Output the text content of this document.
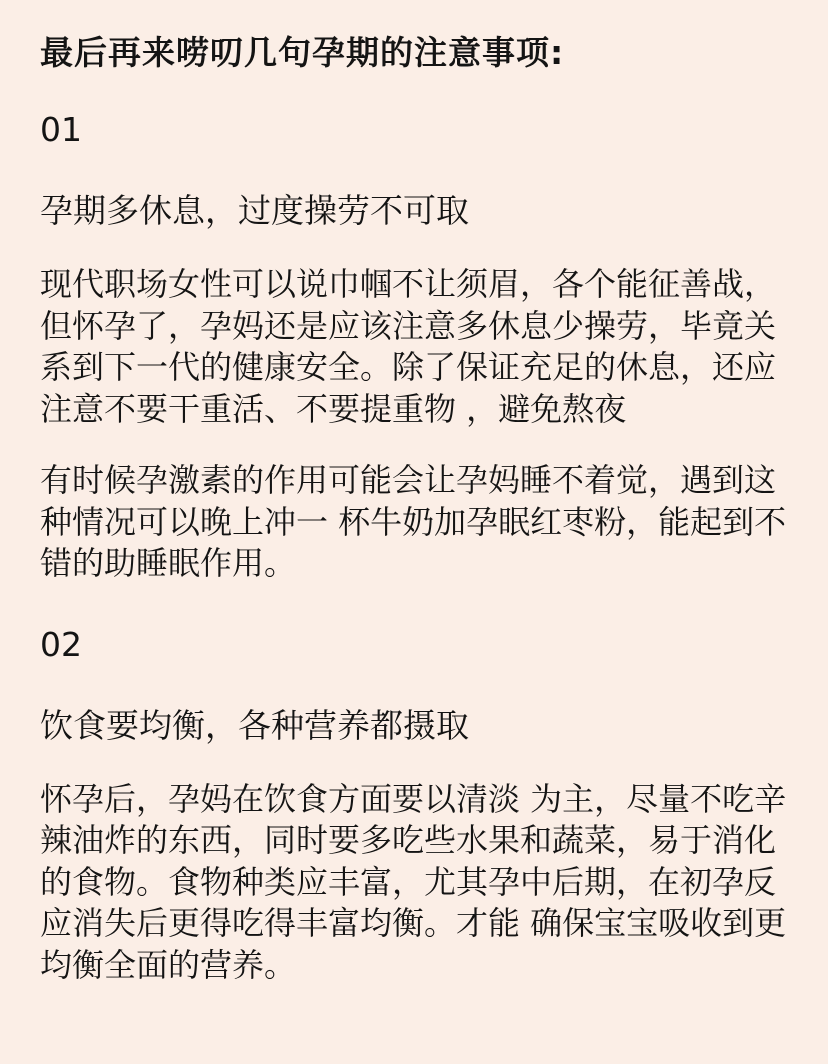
最后再来唠叨几句孕期的注意事项:
01
孕期多休息，过度操劳不可取

现代职场女性可以说巾帼不让须眉，各个能征善战，但怀孕了，孕妈还是应该注意多休息少操劳，毕竟关系到下一代的健康安全。除了保证充足的休息，还应注意不要干重活、不要提重物 ，避免熬夜

有时候孕激素的作用可能会让孕妈睡不着觉，遇到这种情况可以晚上冲一 杯牛奶加孕眠红枣粉，能起到不错的助睡眠作用。

02
饮食要均衡，各种营养都摄取

怀孕后，孕妈在饮食方面要以清淡 为主，尽量不吃辛辣油炸的东西，同时要多吃些水果和蔬菜，易于消化的食物。食物种类应丰富，尤其孕中后期，在初孕反应消失后更得吃得丰富均衡。才能 确保宝宝吸收到更均衡全面的营养。
